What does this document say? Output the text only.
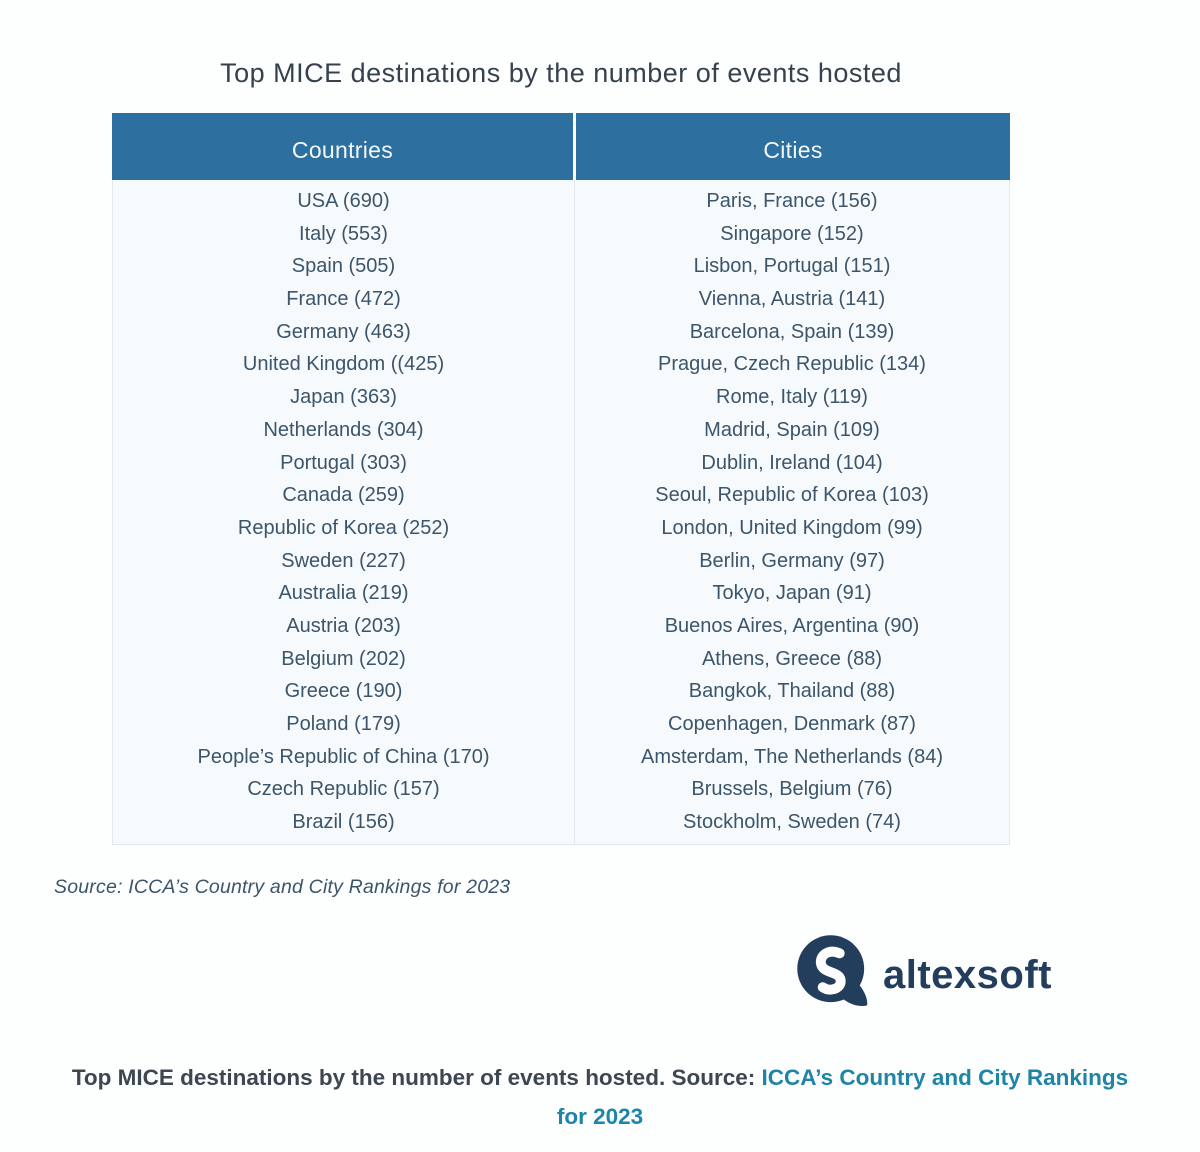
Top MICE destinations by the number of events hosted
Countries	Cities
USA (690)
Italy (553)
Spain (505)
France (472)
Germany (463)
United Kingdom ((425)
Japan (363)
Netherlands (304)
Portugal (303)
Canada (259)
Republic of Korea (252)
Sweden (227)
Australia (219)
Austria (203)
Belgium (202)
Greece (190)
Poland (179)
People’s Republic of China (170)
Czech Republic (157)
Brazil (156)
Paris, France (156)
Singapore (152)
Lisbon, Portugal (151)
Vienna, Austria (141)
Barcelona, Spain (139)
Prague, Czech Republic (134)
Rome, Italy (119)
Madrid, Spain (109)
Dublin, Ireland (104)
Seoul, Republic of Korea (103)
London, United Kingdom (99)
Berlin, Germany (97)
Tokyo, Japan (91)
Buenos Aires, Argentina (90)
Athens, Greece (88)
Bangkok, Thailand (88)
Copenhagen, Denmark (87)
Amsterdam, The Netherlands (84)
Brussels, Belgium (76)
Stockholm, Sweden (74)

Source: ICCA’s Country and City Rankings for 2023

altexsoft
Top MICE destinations by the number of events hosted. Source: ICCA’s Country and City Rankings for 2023
